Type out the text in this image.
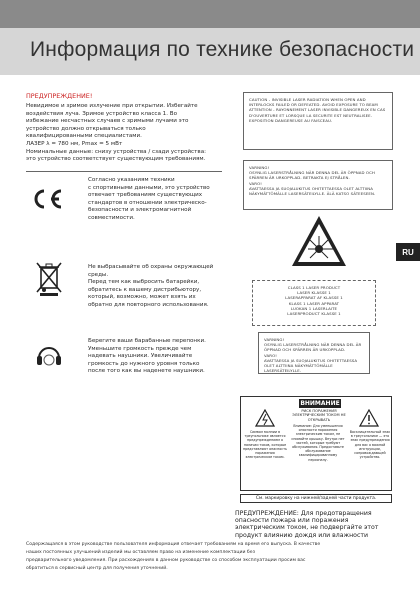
Информация по технике безопасности
ПРЕДУПРЕЖДЕНИЕ!

Невидимое и зримое излучение при открытии. Избегайте

воздействия луча. Зримое устройство класса 1. Во

избежание несчастных случаев с зримыми лучами это

устройство должно открываться только

квалифицированными специалистами.

ЛАЗЕР λ = 780 нм, Pmax = 5 мВт

Номинальные данные: снизу устройства / сзади устройства:

это устройство соответствует существующим требованиям.

Согласно указаниям техники

с спортивными данными, это устройство

отвечает требованиям существующих

стандартов в отношении электрическо-

безопасности и электромагнитной

совместимости.

Не выбрасывайте об охраны окружающей

среды.

Перед тем как выбросить батарейки,

обратитесь к вашему дистрибьютору,

который, возможно, может взять их

обратно для повторного использования.

Берегите ваши барабанные перепонки.

Уменьшите громкость прежде чем

надевать наушники. Увеличивайте

громкость до нужного уровня только

после того как вы наденете наушники.

CAUTION - INVISIBLE LASER RADIATION WHEN OPEN AND INTERLOCKS FAILED OR DEFEATED. AVOID EXPOSURE TO BEAM
ATTENTION - RAYONNEMENT LASER INVISIBLE DANGEREUX EN CAS D'OUVERTURE ET LORSQUE LA SECURITE EST NEUTRALISEE. EXPOSITION DANGEREUSE AU FAISCEAU.
VARNING!
OSYNLIG LASERSTRÅLNING NÄR DENNA DEL ÄR ÖPPNAD OCH SPÄRREN ÄR URKOPPLAD. BETRAKTA EJ STRÅLEN.
VARO!
AVATTAESSA JA SUOJALUKITUS OHITETTAESSA OLET ALTTIINA NÄKYMÄTTÖMÄLLE LASERSÄTEILYLLE. ÄLÄ KATSO SÄTEESEEN.
RU
CLASS 1 LASER PRODUCT
LASER KLASSE 1
LASERAPPARAT AF KLASSE 1
KLASS 1 LASER APPARAT
LUOKAN 1 LASERLAITE
LASERPRODUCT KLASSE 1
VARNING!
OSYNLIG LASERSTRÅLNING NÄR DENNA DEL ÄR ÖPPNAD OCH SPÄRREN ÄR URKOPPLAD.
VARO!
AVATTAESSA JA SUOJALUKITUS OHITETTAESSA OLET ALTTIINA NÄKYMÄTTÖMÄLLE LASERSÄTEILYLLE.
ВНИМАНИЕ
РИСК ПОРАЖЕНИЯ ЭЛЕКТРИЧЕСКИМ ТОКОМ НЕ ОТКРЫВАТЬ
Символ молнии в треугольнике является предупреждением о наличии токов, которые представляют опасность поражения электрическим током.
Внимание: Для уменьшения опасности поражения электрическим током, не снимайте крышку. Внутри нет частей, которые требуют обслуживания. Предоставьте обслуживание квалифицированному персоналу.
Восклицательный знак в треугольнике — это знак предупреждения для вас о важной инструкции, сопровождающей устройство.
См. маркировку на нижней/задней части продукта.
ПРЕДУПРЕЖДЕНИЕ: Для предотвращения опасности пожара или поражения электрическим током, не подвергайте этот продукт влиянию дождя или влажности
Содержащаяся в этом руководстве пользователя информация отвечает требованиям на время его выпуска. В качестве
наших постоянных улучшений изделий мы оставляем право на изменение комплектации без
предварительного уведомления. При расхождениях в данном руководстве со способом эксплуатации просим вас
обратиться в сервисный центр для получения уточнений.
